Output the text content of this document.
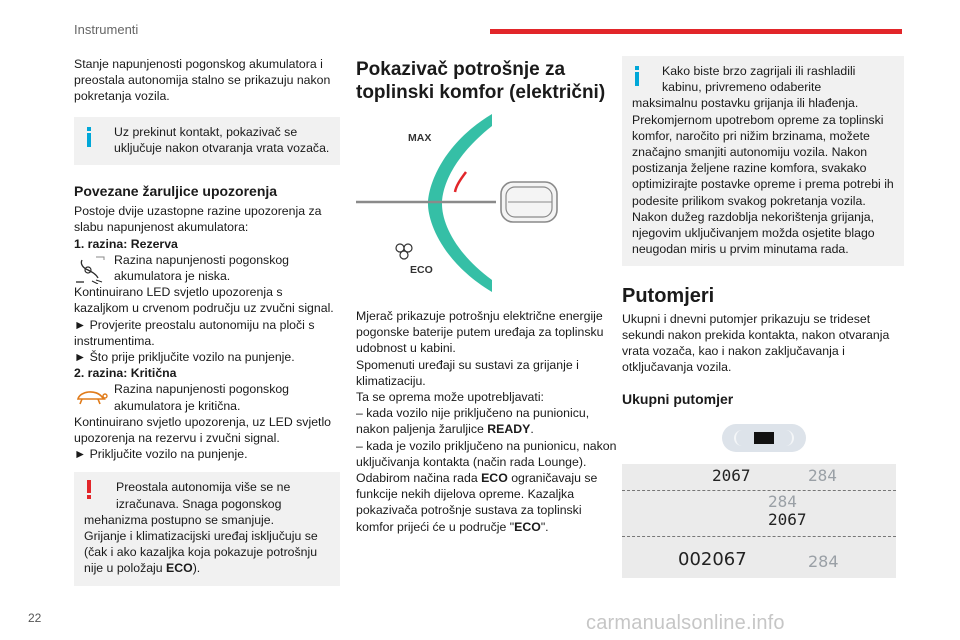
Instrumenti

Stanje napunjenosti pogonskog akumulatora i preostala autonomija stalno se prikazuju nakon pokretanja vozila.

Uz prekinut kontakt, pokazivač se uključuje nakon otvaranja vrata vozača.
Povezane žaruljice upozorenja

Postoje dvije uzastopne razine upozorenja za slabu napunjenost akumulatora:

1. razina: Rezerva

Razina napunjenosti pogonskog akumulatora je niska.

Kontinuirano LED svjetlo upozorenja s kazaljkom u crvenom području uz zvučni signal.

► Provjerite preostalu autonomiju na ploči s instrumentima.

► Što prije priključite vozilo na punjenje.

2. razina: Kritična

Razina napunjenosti pogonskog akumulatora je kritična.

Kontinuirano svjetlo upozorenja, uz LED svjetlo upozorenja na rezervu i zvučni signal.

► Priključite vozilo na punjenje.

Preostala autonomija više se ne
izračunava. Snaga pogonskog
mehanizma postupno se smanjuje.
Grijanje i klimatizacijski uređaj isključuju se (čak i ako kazaljka koja pokazuje potrošnju nije u položaju ECO).
Pokazivač potrošnje za toplinski komfor (električni)
MAX
ECO

Mjerač prikazuje potrošnju električne energije pogonske baterije putem uređaja za toplinsku udobnost u kabini.

Spomenuti uređaji su sustavi za grijanje i klimatizaciju.

Ta se oprema može upotrebljavati:

– kada vozilo nije priključeno na punionicu, nakon paljenja žaruljice READY.

– kada je vozilo priključeno na punionicu, nakon uključivanja kontakta (način rada Lounge).

Odabirom načina rada ECO ograničavaju se funkcije nekih dijelova opreme. Kazaljka pokazivača potrošnje sustava za toplinski komfor prijeći će u područje "ECO".

Kako biste brzo zagrijali ili rashladili
kabinu, privremeno odaberite
maksimalnu postavku grijanja ili hlađenja. Prekomjernom upotrebom opreme za toplinski komfor, naročito pri nižim brzinama, možete značajno smanjiti autonomiju vozila. Nakon postizanja željene razine komfora, svakako optimizirajte postavke opreme i prema potrebi ih podesite prilikom svakog pokretanja vozila. Nakon dužeg razdoblja nekorištenja grijanja, njegovim uključivanjem možda osjetite blago neugodan miris u prvim minutama rada.
Putomjeri

Ukupni i dnevni putomjer prikazuju se trideset sekundi nakon prekida kontakta, nakon otvaranja vrata vozača, kao i nakon zaključavanja i otključavanja vozila.

Ukupni putomjer
2067	284
284
2067
002067	284
22	carmanualsonline.info
